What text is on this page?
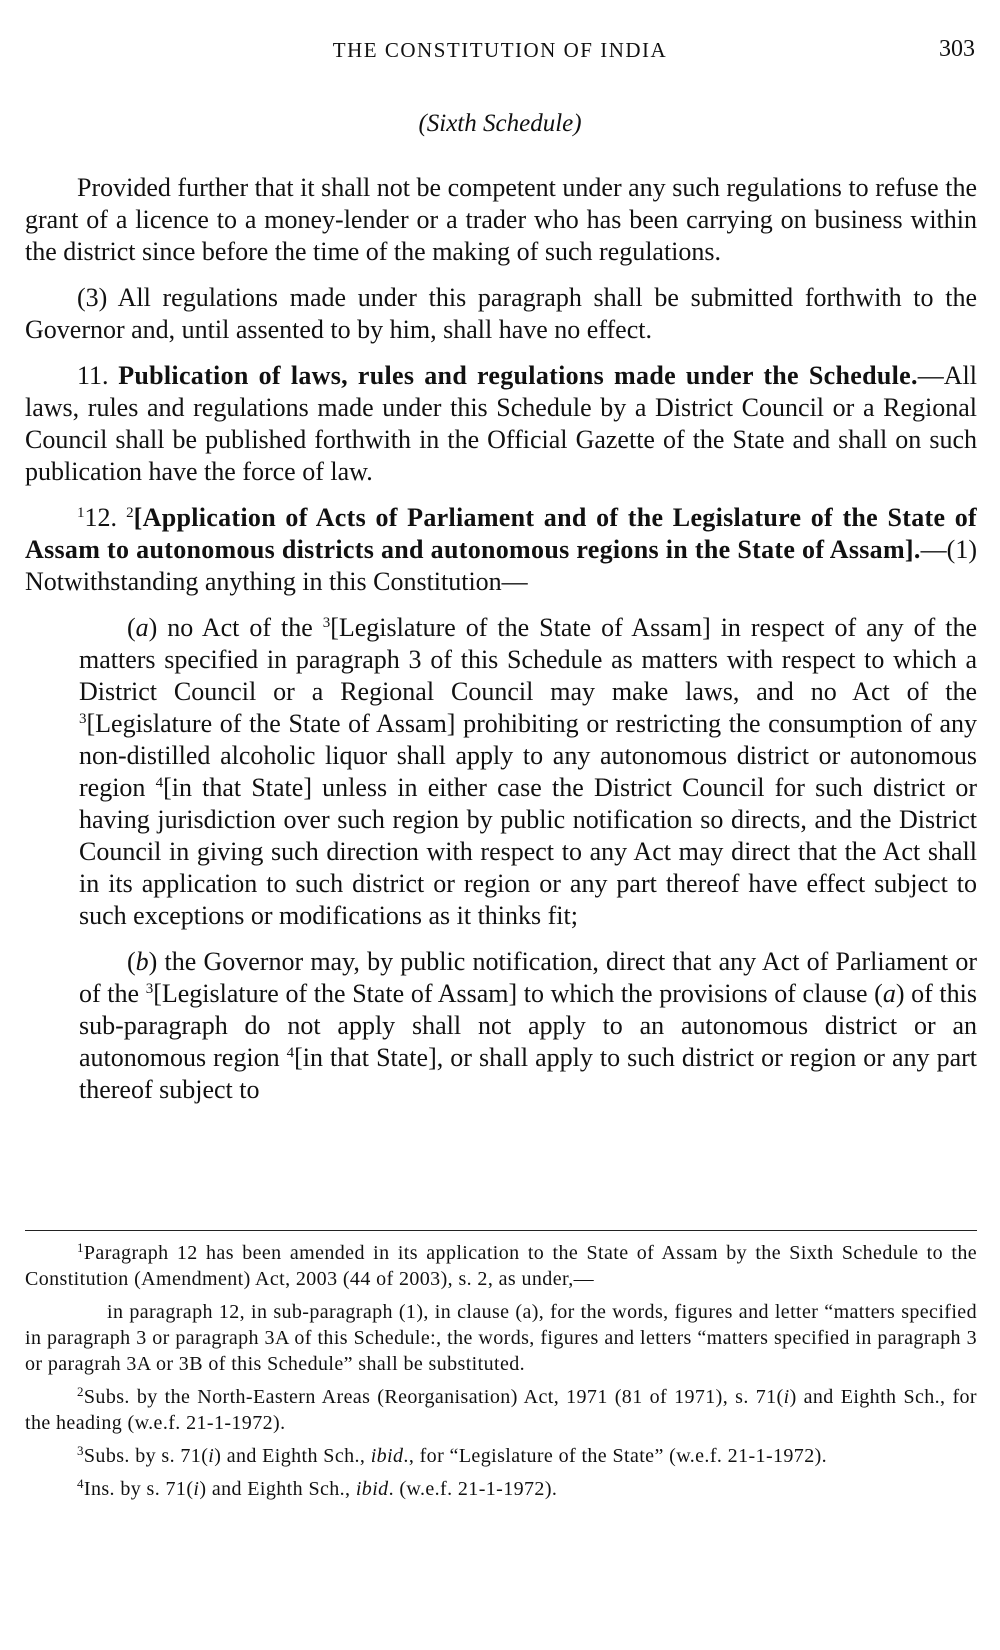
THE CONSTITUTION OF INDIA	303
(Sixth Schedule)

Provided further that it shall not be competent under any such regulations to refuse the grant of a licence to a money-lender or a trader who has been carrying on business within the district since before the time of the making of such regulations.

(3) All regulations made under this paragraph shall be submitted forthwith to the Governor and, until assented to by him, shall have no effect.

11. Publication of laws, rules and regulations made under the Schedule.—All laws, rules and regulations made under this Schedule by a District Council or a Regional Council shall be published forthwith in the Official Gazette of the State and shall on such publication have the force of law.

$^1$12. $^2$[Application of Acts of Parliament and of the Legislature of the State of Assam to autonomous districts and autonomous regions in the State of Assam].—(1) Notwithstanding anything in this Constitution—

(a) no Act of the $^3$[Legislature of the State of Assam] in respect of any of the matters specified in paragraph 3 of this Schedule as matters with respect to which a District Council or a Regional Council may make laws, and no Act of the $^3$[Legislature of the State of Assam] prohibiting or restricting the consumption of any non-distilled alcoholic liquor shall apply to any autonomous district or autonomous region $^4$[in that State] unless in either case the District Council for such district or having jurisdiction over such region by public notification so directs, and the District Council in giving such direction with respect to any Act may direct that the Act shall in its application to such district or region or any part thereof have effect subject to such exceptions or modifications as it thinks fit;

(b) the Governor may, by public notification, direct that any Act of Parliament or of the $^3$[Legislature of the State of Assam] to which the provisions of clause (a) of this sub-paragraph do not apply shall not apply to an autonomous district or an autonomous region $^4$[in that State], or shall apply to such district or region or any part thereof subject to

$^1$Paragraph 12 has been amended in its application to the State of Assam by the Sixth Schedule to the Constitution (Amendment) Act, 2003 (44 of 2003), s. 2, as under,—

in paragraph 12, in sub-paragraph (1), in clause (a), for the words, figures and letter “matters specified in paragraph 3 or paragraph 3A of this Schedule:, the words, figures and letters “matters specified in paragraph 3 or paragrah 3A or 3B of this Schedule” shall be substituted.

$^2$Subs. by the North-Eastern Areas (Reorganisation) Act, 1971 (81 of 1971), s. 71(i) and Eighth Sch., for the heading (w.e.f. 21-1-1972).

$^3$Subs. by s. 71(i) and Eighth Sch., ibid., for “Legislature of the State” (w.e.f. 21-1-1972).

$^4$Ins. by s. 71(i) and Eighth Sch., ibid. (w.e.f. 21-1-1972).
